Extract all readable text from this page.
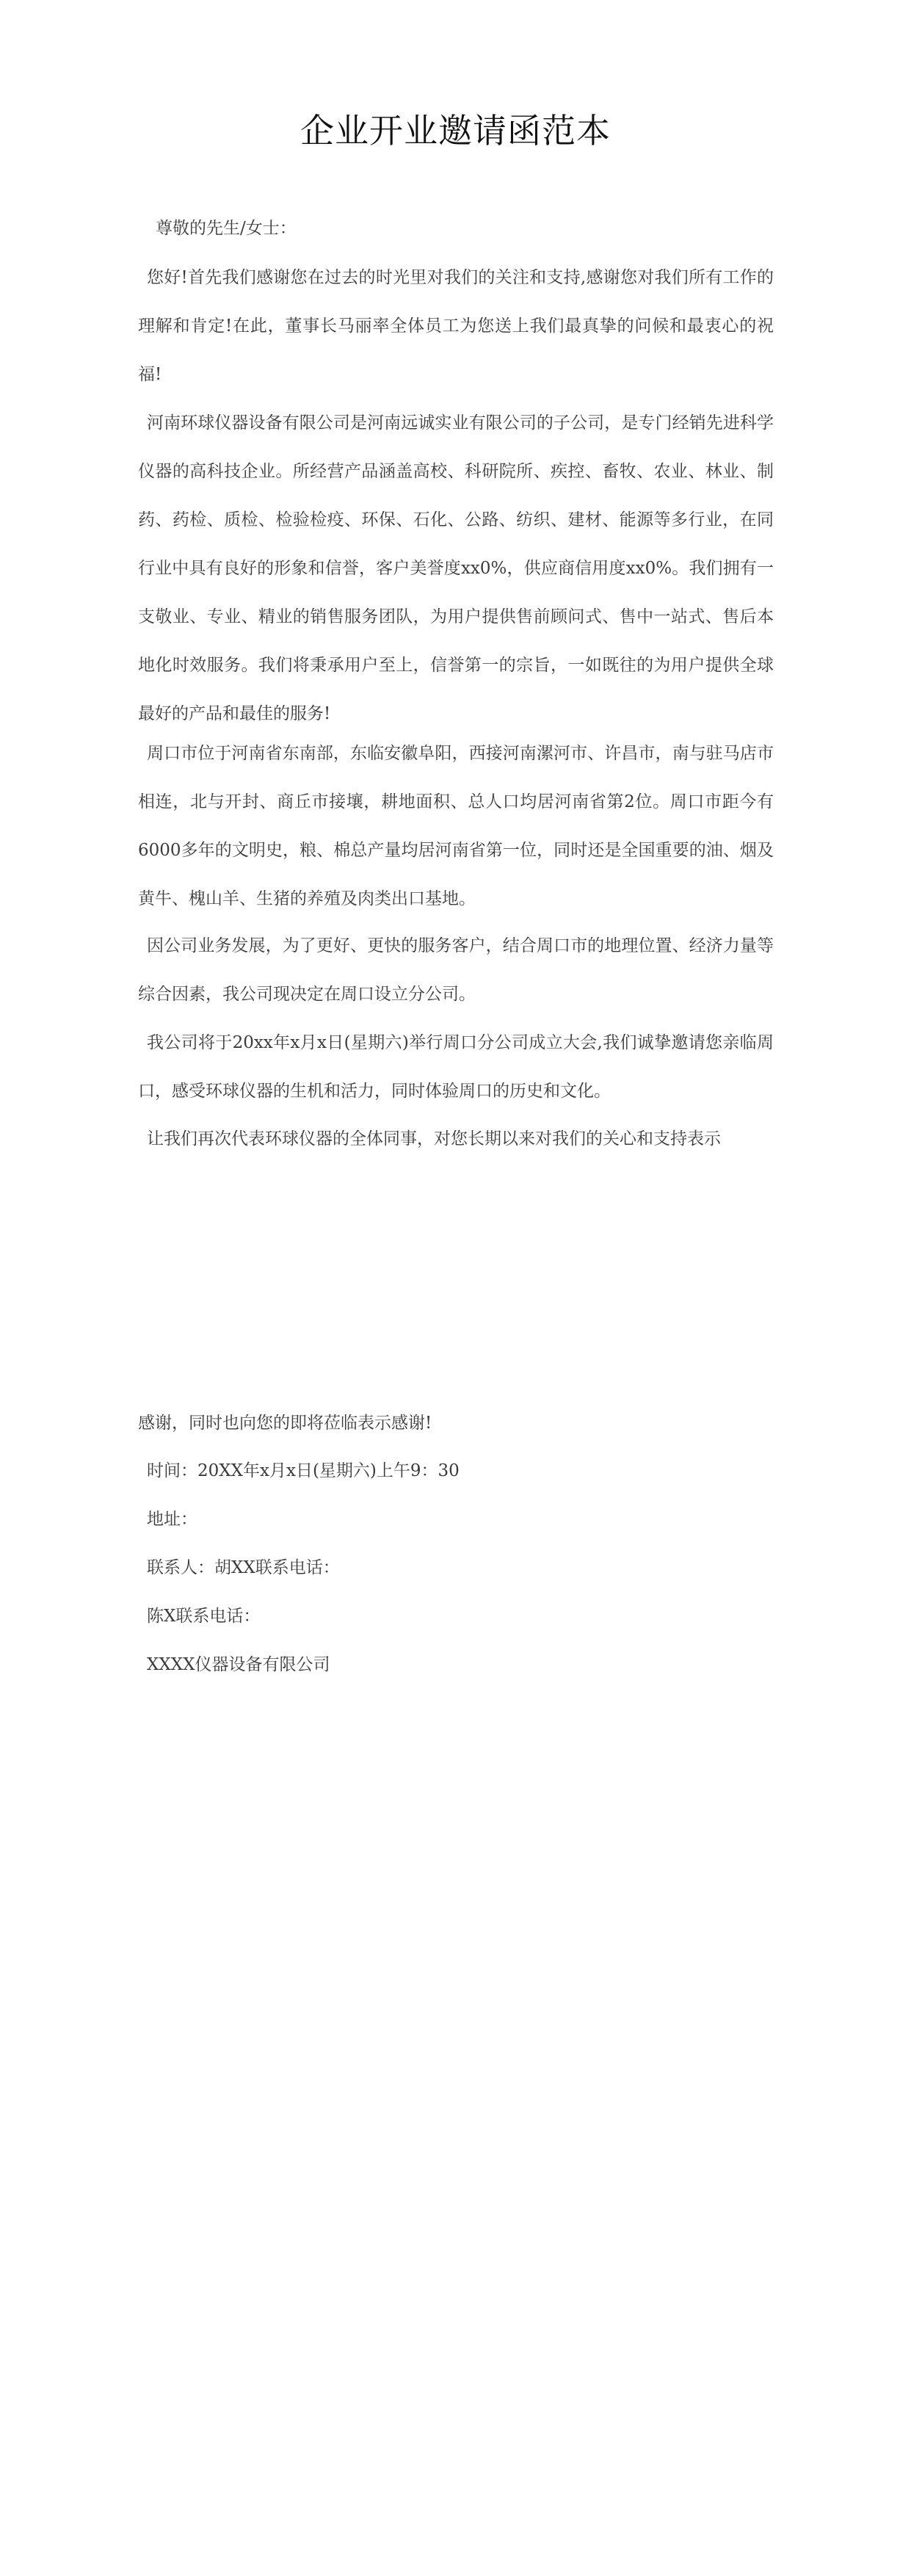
企业开业邀请函范本
尊敬的先生/女士：
您好!首先我们感谢您在过去的时光里对我们的关注和支持,感谢您对我们所有工作的理解和肯定!在此，董事长马丽率全体员工为您送上我们最真挚的问候和最衷心的祝福!
河南环球仪器设备有限公司是河南远诚实业有限公司的子公司，是专门经销先进科学仪器的高科技企业。所经营产品涵盖高校、科研院所、疾控、畜牧、农业、林业、制药、药检、质检、检验检疫、环保、石化、公路、纺织、建材、能源等多行业，在同行业中具有良好的形象和信誉，客户美誉度xx0%，供应商信用度xx0%。我们拥有一支敬业、专业、精业的销售服务团队，为用户提供售前顾问式、售中一站式、售后本地化时效服务。我们将秉承用户至上，信誉第一的宗旨，一如既往的为用户提供全球最好的产品和最佳的服务!
周口市位于河南省东南部，东临安徽阜阳，西接河南漯河市、许昌市，南与驻马店市相连，北与开封、商丘市接壤，耕地面积、总人口均居河南省第2位。周口市距今有6000多年的文明史，粮、棉总产量均居河南省第一位，同时还是全国重要的油、烟及黄牛、槐山羊、生猪的养殖及肉类出口基地。
因公司业务发展，为了更好、更快的服务客户，结合周口市的地理位置、经济力量等综合因素，我公司现决定在周口设立分公司。
我公司将于20xx年x月x日(星期六)举行周口分公司成立大会,我们诚挚邀请您亲临周口，感受环球仪器的生机和活力，同时体验周口的历史和文化。
让我们再次代表环球仪器的全体同事，对您长期以来对我们的关心和支持表示
感谢，同时也向您的即将莅临表示感谢!
时间：20XX年x月x日(星期六)上午9：30
地址：
联系人：胡XX联系电话：
陈X联系电话：
XXXX仪器设备有限公司
